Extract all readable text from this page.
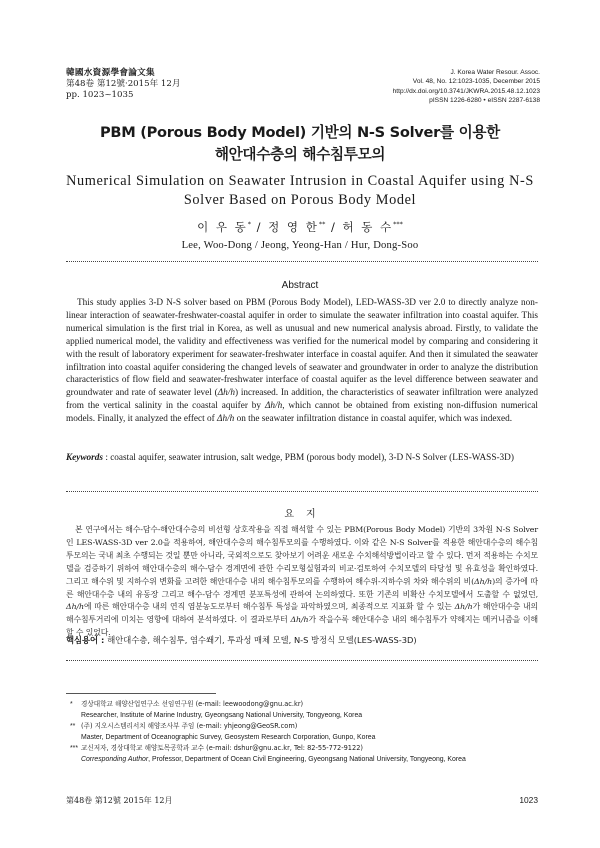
韓國水資源學會論文集
第48卷 第12號·2015年 12月
pp. 1023~1035
J. Korea Water Resour. Assoc.
Vol. 48, No. 12:1023-1035, December 2015
http://dx.doi.org/10.3741/JKWRA.2015.48.12.1023
pISSN 1226-6280 • eISSN 2287-6138
PBM (Porous Body Model) 기반의 N-S Solver를 이용한
해안대수층의 해수침투모의
Numerical Simulation on Seawater Intrusion in Coastal Aquifer using N-S
Solver Based on Porous Body Model
이 우 동* / 정 영 한** / 허 동 수***
Lee, Woo-Dong / Jeong, Yeong-Han / Hur, Dong-Soo
Abstract
This study applies 3-D N-S solver based on PBM (Porous Body Model), LED-WASS-3D ver 2.0 to directly analyze non-linear interaction of seawater-freshwater-coastal aquifer in order to simulate the seawater infiltration into coastal aquifer. This numerical simulation is the first trial in Korea, as well as unusual and new numerical analysis abroad. Firstly, to validate the applied numerical model, the validity and effectiveness was verified for the numerical model by comparing and considering it with the result of laboratory experiment for seawater-freshwater interface in coastal aquifer. And then it simulated the seawater infiltration into coastal aquifer considering the changed levels of seawater and groundwater in order to analyze the distribution characteristics of flow field and seawater-freshwater interface of coastal aquifer as the level difference between seawater and groundwater and rate of seawater level (Δh/h) increased. In addition, the characteristics of seawater infiltration were analyzed from the vertical salinity in the coastal aquifer by Δh/h, which cannot be obtained from existing non-diffusion numerical models. Finally, it analyzed the effect of Δh/h on the seawater infiltration distance in coastal aquifer, which was indexed.
Keywords : coastal aquifer, seawater intrusion, salt wedge, PBM (porous body model), 3-D N-S Solver (LES-WASS-3D)
요지
본 연구에서는 해수-담수-해안대수층의 비선형 상호작용을 직접 해석할 수 있는 PBM(Porous Body Model) 기반의 3차원 N-S Solver인 LES-WASS-3D ver 2.0을 적용하여, 해안대수층의 해수침투모의를 수행하였다. 이와 같은 N-S Solver를 적용한 해안대수층의 해수침투모의는 국내 최초 수행되는 것일 뿐만 아니라, 국외적으로도 찾아보기 어려운 새로운 수치해석방법이라고 할 수 있다. 먼저 적용하는 수치모델을 검증하기 위하여 해안대수층의 해수-담수 경계면에 관한 수리모형실험과의 비교·검토하여 수치모델의 타당성 및 유효성을 확인하였다. 그리고 해수위 및 지하수위 변화를 고려한 해안대수층 내의 해수침투모의를 수행하여 해수위-지하수위 차와 해수위의 비(Δh/h)의 증가에 따른 해안대수층 내의 유동장 그리고 해수-담수 경계면 분포특성에 관하여 논의하였다. 또한 기존의 비확산 수치모델에서 도출할 수 없었던, Δh/h에 따른 해안대수층 내의 연직 염분농도로부터 해수침투 특성을 파악하였으며, 최종적으로 지표화 할 수 있는 Δh/h가 해안대수층 내의 해수침투거리에 미치는 영향에 대하여 분석하였다. 이 결과로부터 Δh/h가 작을수록 해안대수층 내의 해수침투가 약해지는 메커니즘을 이해할 수 있었다.
핵심용어 : 해안대수층, 해수침투, 염수쐐기, 투과성 매체 모델, N-S 방정식 모델(LES-WASS-3D)
* 경상대학교 해양산업연구소 선임연구원 (e-mail: leewoodong@gnu.ac.kr)
Researcher, Institute of Marine Industry, Gyeongsang National University, Tongyeong, Korea
** (주) 지오시스템리서치 해양조사부 주임 (e-mail: yhjeong@GeoSR.com)
Master, Department of Oceanographic Survey, Geosystem Research Corporation, Gunpo, Korea
*** 교신저자, 경상대학교 해양토목공학과 교수 (e-mail: dshur@gnu.ac.kr, Tel: 82-55-772-9122)
Corresponding Author, Professor, Department of Ocean Civil Engineering, Gyeongsang National University, Tongyeong, Korea
第48卷 第12號 2015年 12月	1023
